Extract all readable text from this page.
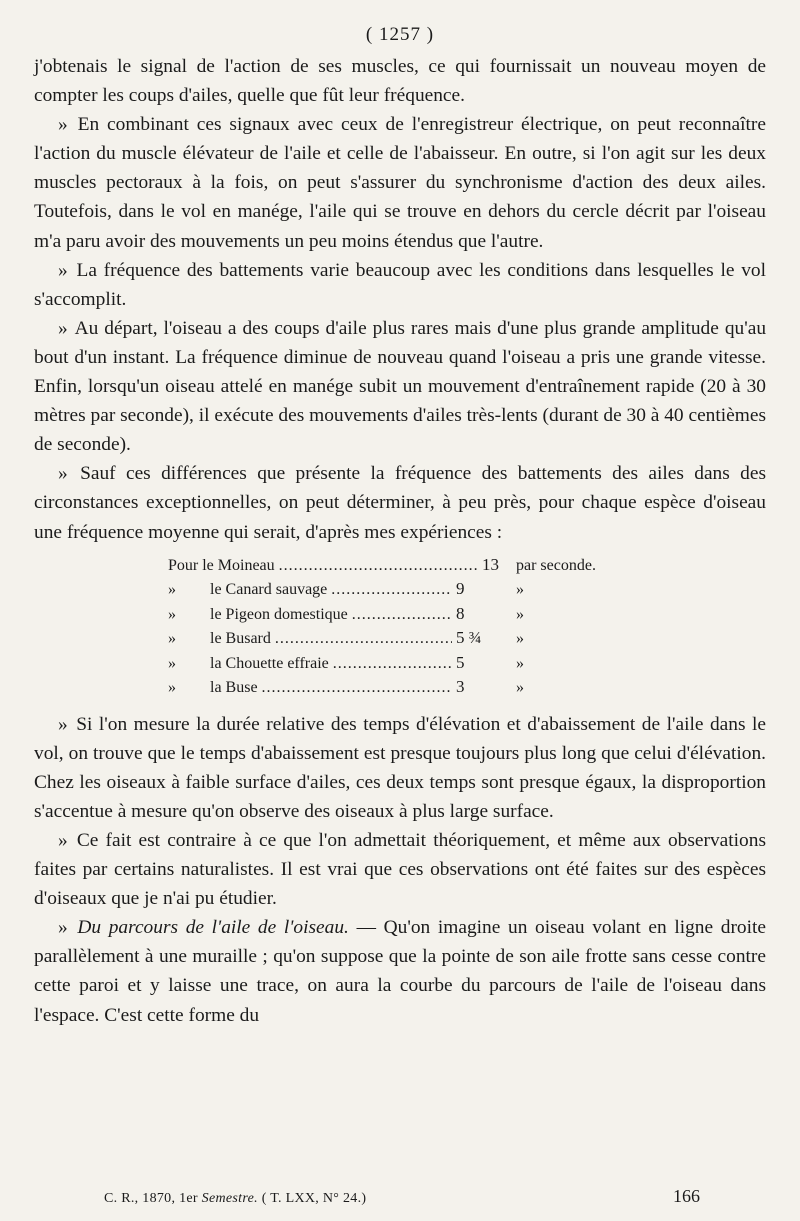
( 1257 )

j'obtenais le signal de l'action de ses muscles, ce qui fournissait un nouveau moyen de compter les coups d'ailes, quelle que fût leur fréquence.

» En combinant ces signaux avec ceux de l'enregistreur électrique, on peut reconnaître l'action du muscle élévateur de l'aile et celle de l'abaisseur. En outre, si l'on agit sur les deux muscles pectoraux à la fois, on peut s'assurer du synchronisme d'action des deux ailes. Toutefois, dans le vol en manége, l'aile qui se trouve en dehors du cercle décrit par l'oiseau m'a paru avoir des mouvements un peu moins étendus que l'autre.

» La fréquence des battements varie beaucoup avec les conditions dans lesquelles le vol s'accomplit.

» Au départ, l'oiseau a des coups d'aile plus rares mais d'une plus grande amplitude qu'au bout d'un instant. La fréquence diminue de nouveau quand l'oiseau a pris une grande vitesse. Enfin, lorsqu'un oiseau attelé en manége subit un mouvement d'entraînement rapide (20 à 30 mètres par seconde), il exécute des mouvements d'ailes très-lents (durant de 30 à 40 centièmes de seconde).

» Sauf ces différences que présente la fréquence des battements des ailes dans des circonstances exceptionnelles, on peut déterminer, à peu près, pour chaque espèce d'oiseau une fréquence moyenne qui serait, d'après mes expériences :

Pour le Moineau .....	13	par seconde.
»	le Canard sauvage .....	9	»
»	le Pigeon domestique .....	8	»
»	le Busard .....	5 ¾	»
»	la Chouette effraie .....	5	»
»	la Buse .....	3	»

» Si l'on mesure la durée relative des temps d'élévation et d'abaissement de l'aile dans le vol, on trouve que le temps d'abaissement est presque toujours plus long que celui d'élévation. Chez les oiseaux à faible surface d'ailes, ces deux temps sont presque égaux, la disproportion s'accentue à mesure qu'on observe des oiseaux à plus large surface.

» Ce fait est contraire à ce que l'on admettait théoriquement, et même aux observations faites par certains naturalistes. Il est vrai que ces observations ont été faites sur des espèces d'oiseaux que je n'ai pu étudier.

» Du parcours de l'aile de l'oiseau. — Qu'on imagine un oiseau volant en ligne droite parallèlement à une muraille ; qu'on suppose que la pointe de son aile frotte sans cesse contre cette paroi et y laisse une trace, on aura la courbe du parcours de l'aile de l'oiseau dans l'espace. C'est cette forme du

C. R., 1870, 1er Semestre. ( T. LXX, N° 24.)	166
